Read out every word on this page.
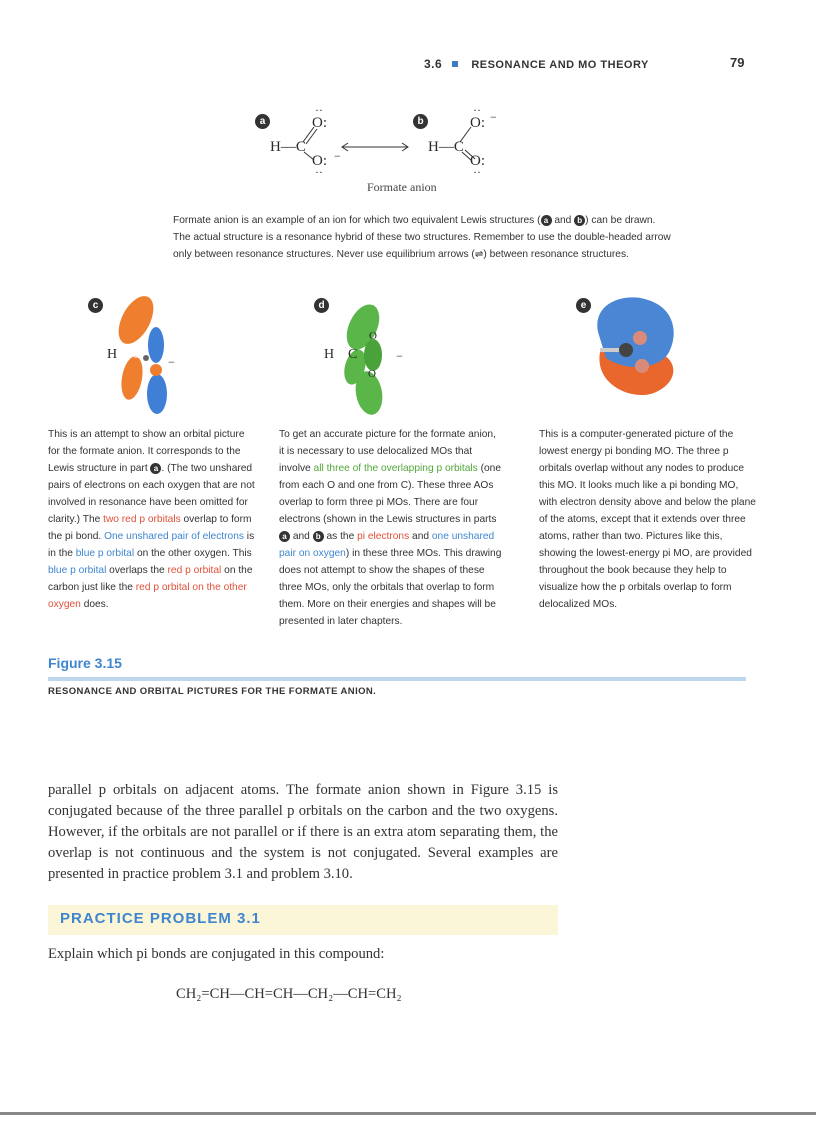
3.6	RESONANCE AND MO THEORY	79
a	b
H—C
O:
··
O: −
··
H—C
O: −
··
O:
··
Formate anion
Formate anion is an example of an ion for which two equivalent Lewis structures ( a and b ) can be drawn. The actual structure is a resonance hybrid of these two structures. Remember to use the double-headed arrow only between resonance structures. Never use equilibrium arrows (⇌) between resonance structures.
c	d	e
H C −	H C
O
O
−
This is an attempt to show an orbital picture for the formate anion. It corresponds to the Lewis structure in part a . (The two unshared pairs of electrons on each oxygen that are not involved in resonance have been omitted for clarity.) The two red p orbitals overlap to form the pi bond. One unshared pair of electrons is in the blue p orbital on the other oxygen. This blue p orbital overlaps the red p orbital on the carbon just like the red p orbital on the other oxygen does.
To get an accurate picture for the formate anion, it is necessary to use delocalized MOs that involve all three of the overlapping p orbitals (one from each O and one from C). These three AOs overlap to form three pi MOs. There are four electrons (shown in the Lewis structures in parts a and b as the pi electrons and one unshared pair on oxygen) in these three MOs. This drawing does not attempt to show the shapes of these three MOs, only the orbitals that overlap to form them. More on their energies and shapes will be presented in later chapters.
This is a computer-generated picture of the lowest energy pi bonding MO. The three p orbitals overlap without any nodes to produce this MO. It looks much like a pi bonding MO, with electron density above and below the plane of the atoms, except that it extends over three atoms, rather than two. Pictures like this, showing the lowest-energy pi MO, are provided throughout the book because they help to visualize how the p orbitals overlap to form delocalized MOs.
Figure 3.15
RESONANCE AND ORBITAL PICTURES FOR THE FORMATE ANION.
parallel p orbitals on adjacent atoms. The formate anion shown in Figure 3.15 is conjugated because of the three parallel p orbitals on the carbon and the two oxygens. However, if the orbitals are not parallel or if there is an extra atom separating them, the overlap is not continuous and the system is not conjugated. Several examples are presented in practice problem 3.1 and problem 3.10.
PRACTICE PROBLEM 3.1
Explain which pi bonds are conjugated in this compound:
CH₂=CH—CH=CH—CH₂—CH=CH₂
